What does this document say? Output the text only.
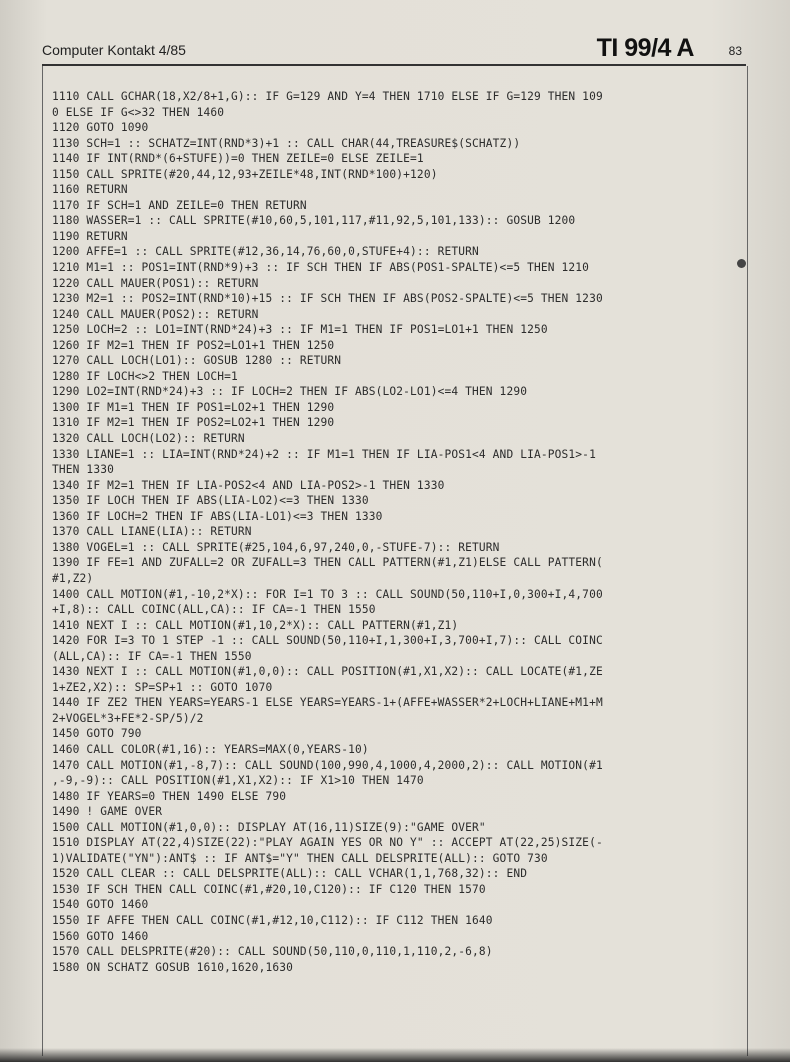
Computer Kontakt 4/85	TI 99/4 A	83
1110 CALL GCHAR(18,X2/8+1,G):: IF G=129 AND Y=4 THEN 1710 ELSE IF G=129 THEN 109
0 ELSE IF G<>32 THEN 1460
1120 GOTO 1090
1130 SCH=1 :: SCHATZ=INT(RND*3)+1 :: CALL CHAR(44,TREASURE$(SCHATZ))
1140 IF INT(RND*(6+STUFE))=0 THEN ZEILE=0 ELSE ZEILE=1
1150 CALL SPRITE(#20,44,12,93+ZEILE*48,INT(RND*100)+120)
1160 RETURN
1170 IF SCH=1 AND ZEILE=0 THEN RETURN
1180 WASSER=1 :: CALL SPRITE(#10,60,5,101,117,#11,92,5,101,133):: GOSUB 1200
1190 RETURN
1200 AFFE=1 :: CALL SPRITE(#12,36,14,76,60,0,STUFE+4):: RETURN
1210 M1=1 :: POS1=INT(RND*9)+3 :: IF SCH THEN IF ABS(POS1-SPALTE)<=5 THEN 1210
1220 CALL MAUER(POS1):: RETURN
1230 M2=1 :: POS2=INT(RND*10)+15 :: IF SCH THEN IF ABS(POS2-SPALTE)<=5 THEN 1230
1240 CALL MAUER(POS2):: RETURN
1250 LOCH=2 :: LO1=INT(RND*24)+3 :: IF M1=1 THEN IF POS1=LO1+1 THEN 1250
1260 IF M2=1 THEN IF POS2=LO1+1 THEN 1250
1270 CALL LOCH(LO1):: GOSUB 1280 :: RETURN
1280 IF LOCH<>2 THEN LOCH=1
1290 LO2=INT(RND*24)+3 :: IF LOCH=2 THEN IF ABS(LO2-LO1)<=4 THEN 1290
1300 IF M1=1 THEN IF POS1=LO2+1 THEN 1290
1310 IF M2=1 THEN IF POS2=LO2+1 THEN 1290
1320 CALL LOCH(LO2):: RETURN
1330 LIANE=1 :: LIA=INT(RND*24)+2 :: IF M1=1 THEN IF LIA-POS1<4 AND LIA-POS1>-1
THEN 1330
1340 IF M2=1 THEN IF LIA-POS2<4 AND LIA-POS2>-1 THEN 1330
1350 IF LOCH THEN IF ABS(LIA-LO2)<=3 THEN 1330
1360 IF LOCH=2 THEN IF ABS(LIA-LO1)<=3 THEN 1330
1370 CALL LIANE(LIA):: RETURN
1380 VOGEL=1 :: CALL SPRITE(#25,104,6,97,240,0,-STUFE-7):: RETURN
1390 IF FE=1 AND ZUFALL=2 OR ZUFALL=3 THEN CALL PATTERN(#1,Z1)ELSE CALL PATTERN(
#1,Z2)
1400 CALL MOTION(#1,-10,2*X):: FOR I=1 TO 3 :: CALL SOUND(50,110+I,0,300+I,4,700
+I,8):: CALL COINC(ALL,CA):: IF CA=-1 THEN 1550
1410 NEXT I :: CALL MOTION(#1,10,2*X):: CALL PATTERN(#1,Z1)
1420 FOR I=3 TO 1 STEP -1 :: CALL SOUND(50,110+I,1,300+I,3,700+I,7):: CALL COINC
(ALL,CA):: IF CA=-1 THEN 1550
1430 NEXT I :: CALL MOTION(#1,0,0):: CALL POSITION(#1,X1,X2):: CALL LOCATE(#1,ZE
1+ZE2,X2):: SP=SP+1 :: GOTO 1070
1440 IF ZE2 THEN YEARS=YEARS-1 ELSE YEARS=YEARS-1+(AFFE+WASSER*2+LOCH+LIANE+M1+M
2+VOGEL*3+FE*2-SP/5)/2
1450 GOTO 790
1460 CALL COLOR(#1,16):: YEARS=MAX(0,YEARS-10)
1470 CALL MOTION(#1,-8,7):: CALL SOUND(100,990,4,1000,4,2000,2):: CALL MOTION(#1
,-9,-9):: CALL POSITION(#1,X1,X2):: IF X1>10 THEN 1470
1480 IF YEARS=0 THEN 1490 ELSE 790
1490 ! GAME OVER
1500 CALL MOTION(#1,0,0):: DISPLAY AT(16,11)SIZE(9):"GAME OVER"
1510 DISPLAY AT(22,4)SIZE(22):"PLAY AGAIN YES OR NO Y" :: ACCEPT AT(22,25)SIZE(-
1)VALIDATE("YN"):ANT$ :: IF ANT$="Y" THEN CALL DELSPRITE(ALL):: GOTO 730
1520 CALL CLEAR :: CALL DELSPRITE(ALL):: CALL VCHAR(1,1,768,32):: END
1530 IF SCH THEN CALL COINC(#1,#20,10,C120):: IF C120 THEN 1570
1540 GOTO 1460
1550 IF AFFE THEN CALL COINC(#1,#12,10,C112):: IF C112 THEN 1640
1560 GOTO 1460
1570 CALL DELSPRITE(#20):: CALL SOUND(50,110,0,110,1,110,2,-6,8)
1580 ON SCHATZ GOSUB 1610,1620,1630
